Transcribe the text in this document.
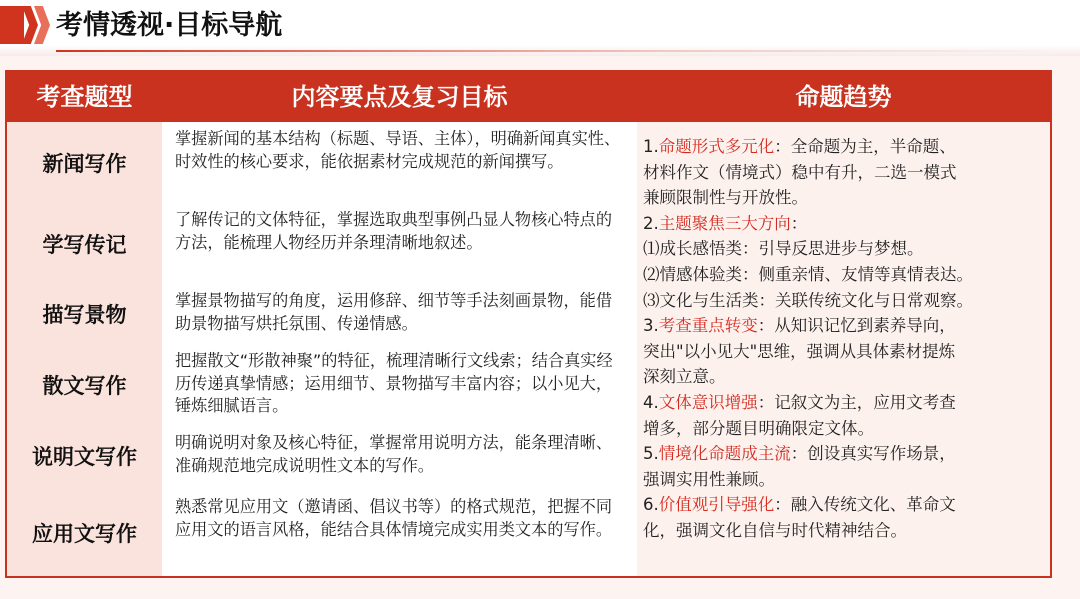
考情透视·目标导航
考查题型	内容要点及复习目标	命题趋势
新闻写作
学写传记
描写景物
散文写作
说明文写作
应用文写作
掌握新闻的基本结构（标题、导语、主体），明确新闻真实性、时效性的核心要求，能依据素材完成规范的新闻撰写。
了解传记的文体特征，掌握选取典型事例凸显人物核心特点的方法，能梳理人物经历并条理清晰地叙述。
掌握景物描写的角度，运用修辞、细节等手法刻画景物，能借助景物描写烘托氛围、传递情感。
把握散文“形散神聚”的特征，梳理清晰行文线索；结合真实经历传递真挚情感；运用细节、景物描写丰富内容；以小见大，锤炼细腻语言。
明确说明对象及核心特征，掌握常用说明方法，能条理清晰、准确规范地完成说明性文本的写作。
熟悉常见应用文（邀请函、倡议书等）的格式规范，把握不同应用文的语言风格，能结合具体情境完成实用类文本的写作。
1.命题形式多元化：全命题为主，半命题、
材料作文（情境式）稳中有升，二选一模式
兼顾限制性与开放性。
2.主题聚焦三大方向：
⑴成长感悟类：引导反思进步与梦想。
⑵情感体验类：侧重亲情、友情等真情表达。
⑶文化与生活类：关联传统文化与日常观察。
3.考查重点转变：从知识记忆到素养导向，
突出"以小见大"思维，强调从具体素材提炼
深刻立意。
4.文体意识增强：记叙文为主，应用文考查
增多，部分题目明确限定文体。
5.情境化命题成主流：创设真实写作场景，
强调实用性兼顾。
6.价值观引导强化：融入传统文化、革命文
化，强调文化自信与时代精神结合。
